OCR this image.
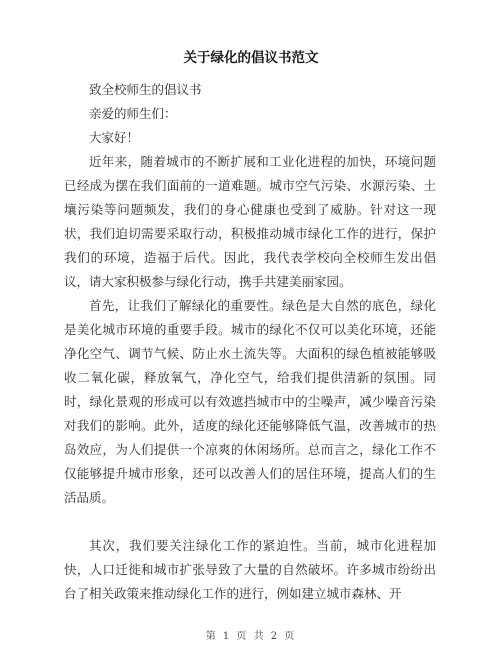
关于绿化的倡议书范文
致全校师生的倡议书
亲爱的师生们：
大家好！
近年来，随着城市的不断扩展和工业化进程的加快，环境问题已经成为摆在我们面前的一道难题。城市空气污染、水源污染、土壤污染等问题频发，我们的身心健康也受到了威胁。针对这一现状，我们迫切需要采取行动，积极推动城市绿化工作的进行，保护我们的环境，造福于后代。因此，我代表学校向全校师生发出倡议，请大家积极参与绿化行动，携手共建美丽家园。
首先，让我们了解绿化的重要性。绿色是大自然的底色，绿化是美化城市环境的重要手段。城市的绿化不仅可以美化环境，还能净化空气、调节气候、防止水土流失等。大面积的绿色植被能够吸收二氧化碳，释放氧气，净化空气，给我们提供清新的氛围。同时，绿化景观的形成可以有效遮挡城市中的尘噪声，减少噪音污染对我们的影响。此外，适度的绿化还能够降低气温，改善城市的热岛效应，为人们提供一个凉爽的休闲场所。总而言之，绿化工作不仅能够提升城市形象，还可以改善人们的居住环境，提高人们的生活品质。
其次，我们要关注绿化工作的紧迫性。当前，城市化进程加快，人口迁徙和城市扩张导致了大量的自然破坏。许多城市纷纷出台了相关政策来推动绿化工作的进行，例如建立城市森林、开
第 1 页 共 2 页
